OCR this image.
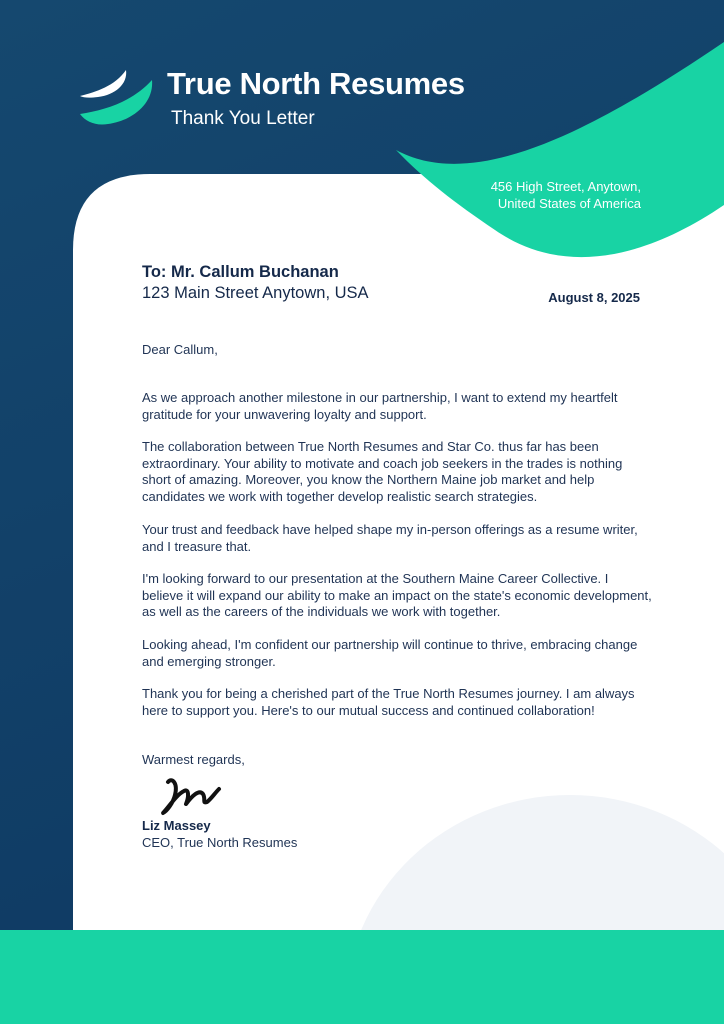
True North Resumes
Thank You Letter
456 High Street, Anytown,
United States of America
To: Mr. Callum Buchanan
123 Main Street Anytown, USA	August 8, 2025

Dear Callum,

As we approach another milestone in our partnership, I want to extend my heartfelt gratitude for your unwavering loyalty and support.

The collaboration between True North Resumes and Star Co. thus far has been extraordinary. Your ability to motivate and coach job seekers in the trades is nothing short of amazing. Moreover, you know the Northern Maine job market and help candidates we work with together develop realistic search strategies.

Your trust and feedback have helped shape my in-person offerings as a resume writer, and I treasure that.

I'm looking forward to our presentation at the Southern Maine Career Collective. I believe it will expand our ability to make an impact on the state's economic development, as well as the careers of the individuals we work with together.

Looking ahead, I'm confident our partnership will continue to thrive, embracing change and emerging stronger.

Thank you for being a cherished part of the True North Resumes journey. I am always here to support you. Here's to our mutual success and continued collaboration!

Warmest regards,

Liz Massey
CEO, True North Resumes
